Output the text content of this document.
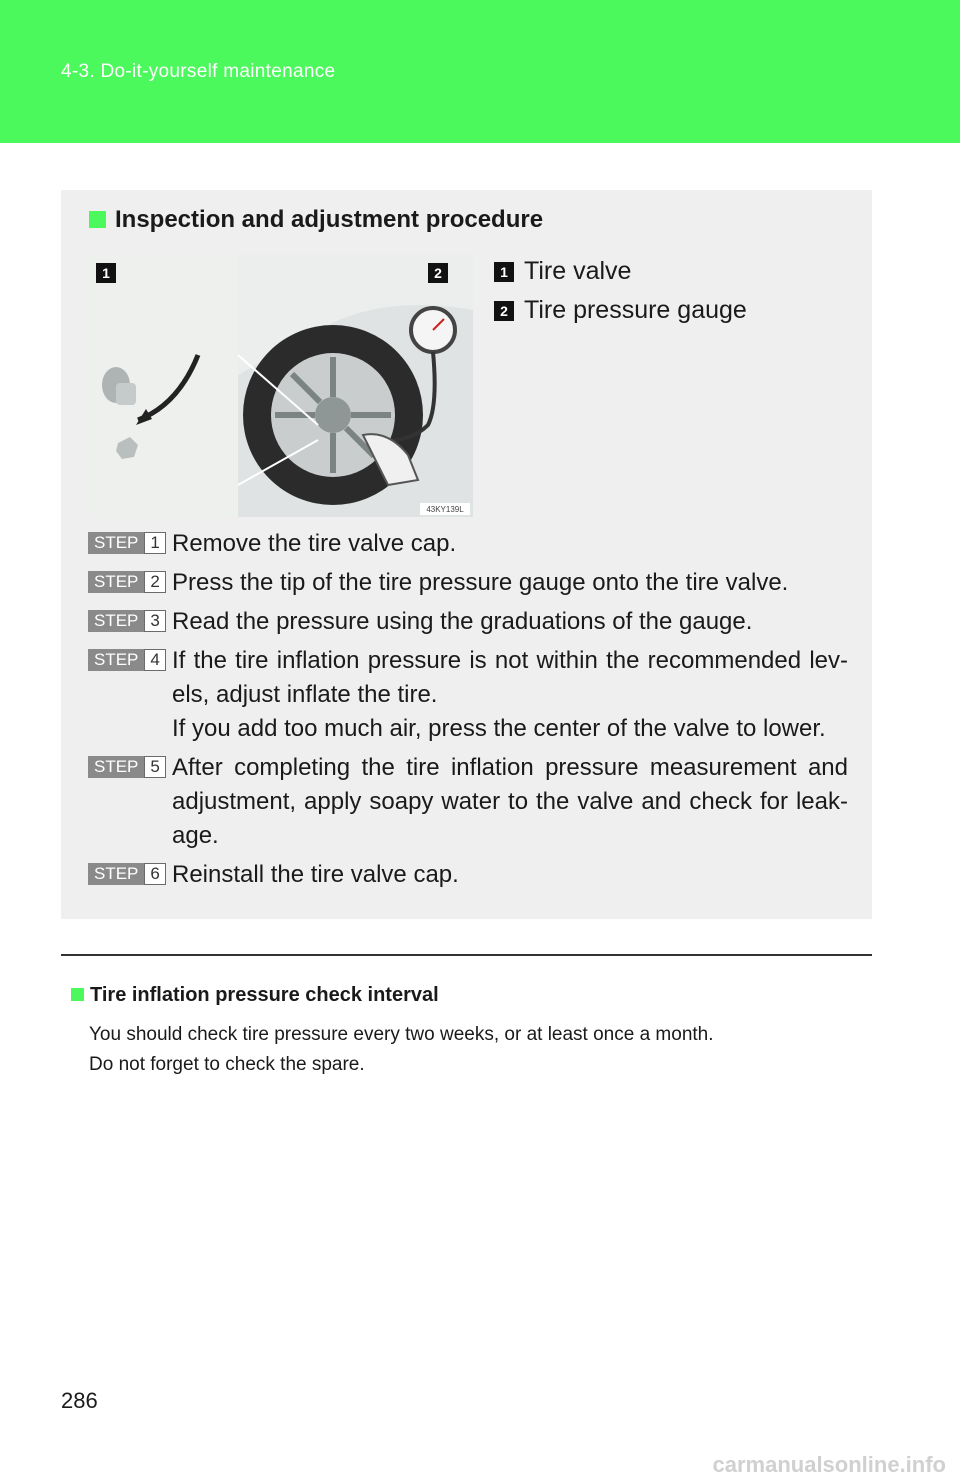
4-3. Do-it-yourself maintenance
Inspection and adjustment procedure
1	2
43KY139L
1 Tire valve
2 Tire pressure gauge
STEP 1 Remove the tire valve cap.
STEP 2 Press the tip of the tire pressure gauge onto the tire valve.
STEP 3 Read the pressure using the graduations of the gauge.
STEP 4 If the tire inflation pressure is not within the recommended lev-els, adjust inflate the tire.
If you add too much air, press the center of the valve to lower.
STEP 5 After completing the tire inflation pressure measurement and adjustment, apply soapy water to the valve and check for leak-age.
STEP 6 Reinstall the tire valve cap.
Tire inflation pressure check interval
You should check tire pressure every two weeks, or at least once a month.
Do not forget to check the spare.
286
carmanualsonline.info
